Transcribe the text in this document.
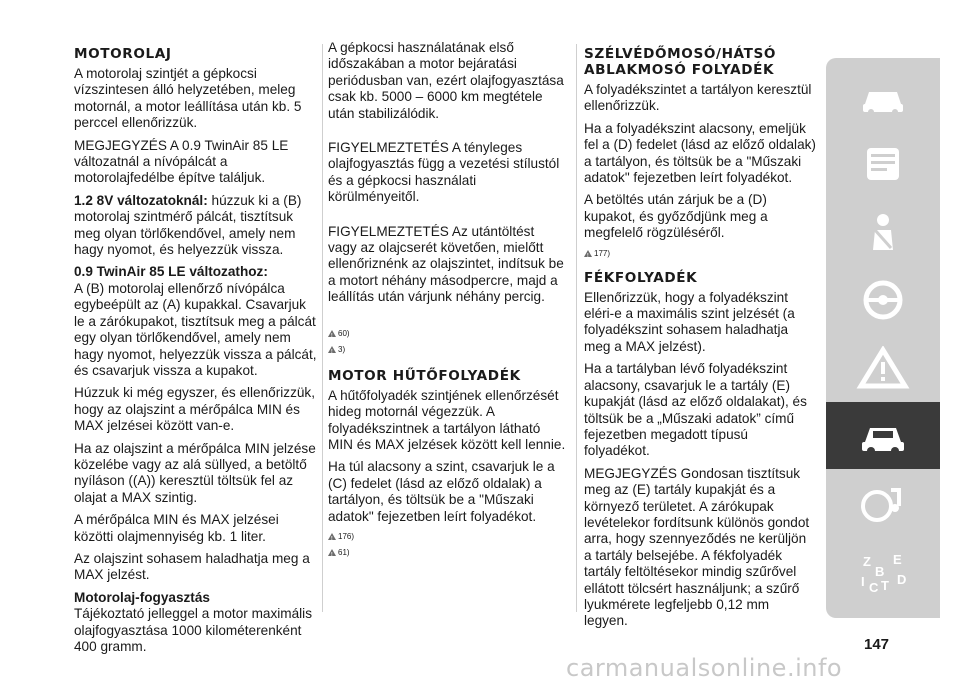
MOTOROLAJ

A motorolaj szintjét a gépkocsi vízszintesen álló helyzetében, meleg motornál, a motor leállítása után kb. 5 perccel ellenőrizzük.

MEGJEGYZÉS A 0.9 TwinAir 85 LE változatnál a nívópálcát a motorolajfedélbe építve találjuk.

1.2 8V változatoknál: húzzuk ki a (B) motorolaj szintmérő pálcát, tisztítsuk meg olyan törlőkendővel, amely nem hagy nyomot, és helyezzük vissza.

0.9 TwinAir 85 LE változathoz:

A (B) motorolaj ellenőrző nívópálca egybeépült az (A) kupakkal. Csavarjuk le a zárókupakot, tisztítsuk meg a pálcát egy olyan törlőkendővel, amely nem hagy nyomot, helyezzük vissza a pálcát, és csavarjuk vissza a kupakot.

Húzzuk ki még egyszer, és ellenőrizzük, hogy az olajszint a mérőpálca MIN és MAX jelzései között van-e.

Ha az olajszint a mérőpálca MIN jelzése közelébe vagy az alá süllyed, a betöltő nyíláson ((A)) keresztül töltsük fel az olajat a MAX szintig.

A mérőpálca MIN és MAX jelzései közötti olajmennyiség kb. 1 liter.

Az olajszint sohasem haladhatja meg a MAX jelzést.

Motorolaj-fogyasztás

Tájékoztató jelleggel a motor maximális olajfogyasztása 1000 kilométerenként 400 gramm.

A gépkocsi használatának első időszakában a motor bejáratási periódusban van, ezért olajfogyasztása csak kb. 5000 – 6000 km megtétele után stabilizálódik.

FIGYELMEZTETÉS A tényleges olajfogyasztás függ a vezetési stílustól és a gépkocsi használati körülményeitől.

FIGYELMEZTETÉS Az utántöltést vagy az olajcserét követően, mielőtt ellenőriznénk az olajszintet, indítsuk be a motort néhány másodpercre, majd a leállítás után várjunk néhány percig.

!
60)
!
3)
MOTOR HŰTŐFOLYADÉK

A hűtőfolyadék szintjének ellenőrzését hideg motornál végezzük. A folyadékszintnek a tartályon látható MIN és MAX jelzések között kell lennie.

Ha túl alacsony a szint, csavarjuk le a (C) fedelet (lásd az előző oldalak) a tartályon, és töltsük be a "Műszaki adatok" fejezetben leírt folyadékot.

!
176)
!
61)
SZÉLVÉDŐMOSÓ/HÁTSÓ ABLAKMOSÓ FOLYADÉK

A folyadékszintet a tartályon keresztül ellenőrizzük.

Ha a folyadékszint alacsony, emeljük fel a (D) fedelet (lásd az előző oldalak) a tartályon, és töltsük be a "Műszaki adatok" fejezetben leírt folyadékot.

A betöltés után zárjuk be a (D) kupakot, és győződjünk meg a megfelelő rögzüléséről.

!
177)
FÉKFOLYADÉK

Ellenőrizzük, hogy a folyadékszint eléri-e a maximális szint jelzését (a folyadékszint sohasem haladhatja meg a MAX jelzést).

Ha a tartályban lévő folyadékszint alacsony, csavarjuk le a tartály (E) kupakját (lásd az előző oldalakat), és töltsük be a „Műszaki adatok” című fejezetben megadott típusú folyadékot.

MEGJEGYZÉS Gondosan tisztítsuk meg az (E) tartály kupakját és a környező területet. A zárókupak levételekor fordítsunk különös gondot arra, hogy szennyeződés ne kerüljön a tartály belsejébe. A fékfolyadék tartály feltöltésekor mindig szűrővel ellátott tölcsért használjunk; a szűrő lyukmérete legfeljebb 0,12 mm legyen.

Z E
B
I C T D
147
carmanualsonline.info
